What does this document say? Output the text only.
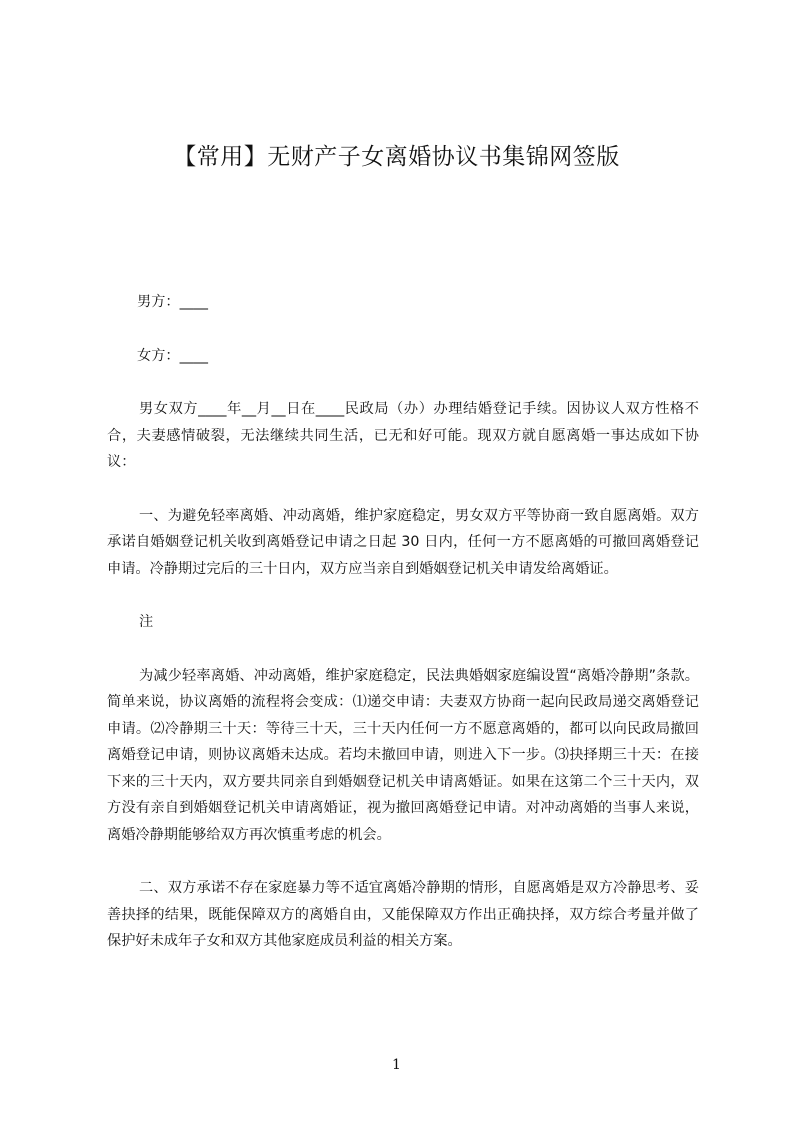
【常用】无财产子女离婚协议书集锦网签版

男方：____

女方：____

男女双方____年__月__日在____民政局（办）办理结婚登记手续。因协议人双方性格不合，夫妻感情破裂，无法继续共同生活，已无和好可能。现双方就自愿离婚一事达成如下协议：

一、为避免轻率离婚、冲动离婚，维护家庭稳定，男女双方平等协商一致自愿离婚。双方承诺自婚姻登记机关收到离婚登记申请之日起 30 日内，任何一方不愿离婚的可撤回离婚登记申请。冷静期过完后的三十日内，双方应当亲自到婚姻登记机关申请发给离婚证。

注

为减少轻率离婚、冲动离婚，维护家庭稳定，民法典婚姻家庭编设置“离婚冷静期”条款。简单来说，协议离婚的流程将会变成：⑴递交申请：夫妻双方协商一起向民政局递交离婚登记申请。⑵冷静期三十天：等待三十天，三十天内任何一方不愿意离婚的，都可以向民政局撤回离婚登记申请，则协议离婚未达成。若均未撤回申请，则进入下一步。⑶抉择期三十天：在接下来的三十天内，双方要共同亲自到婚姻登记机关申请离婚证。如果在这第二个三十天内，双方没有亲自到婚姻登记机关申请离婚证，视为撤回离婚登记申请。对冲动离婚的当事人来说，离婚冷静期能够给双方再次慎重考虑的机会。

二、双方承诺不存在家庭暴力等不适宜离婚冷静期的情形，自愿离婚是双方冷静思考、妥善抉择的结果，既能保障双方的离婚自由，又能保障双方作出正确抉择，双方综合考量并做了保护好未成年子女和双方其他家庭成员利益的相关方案。

1
